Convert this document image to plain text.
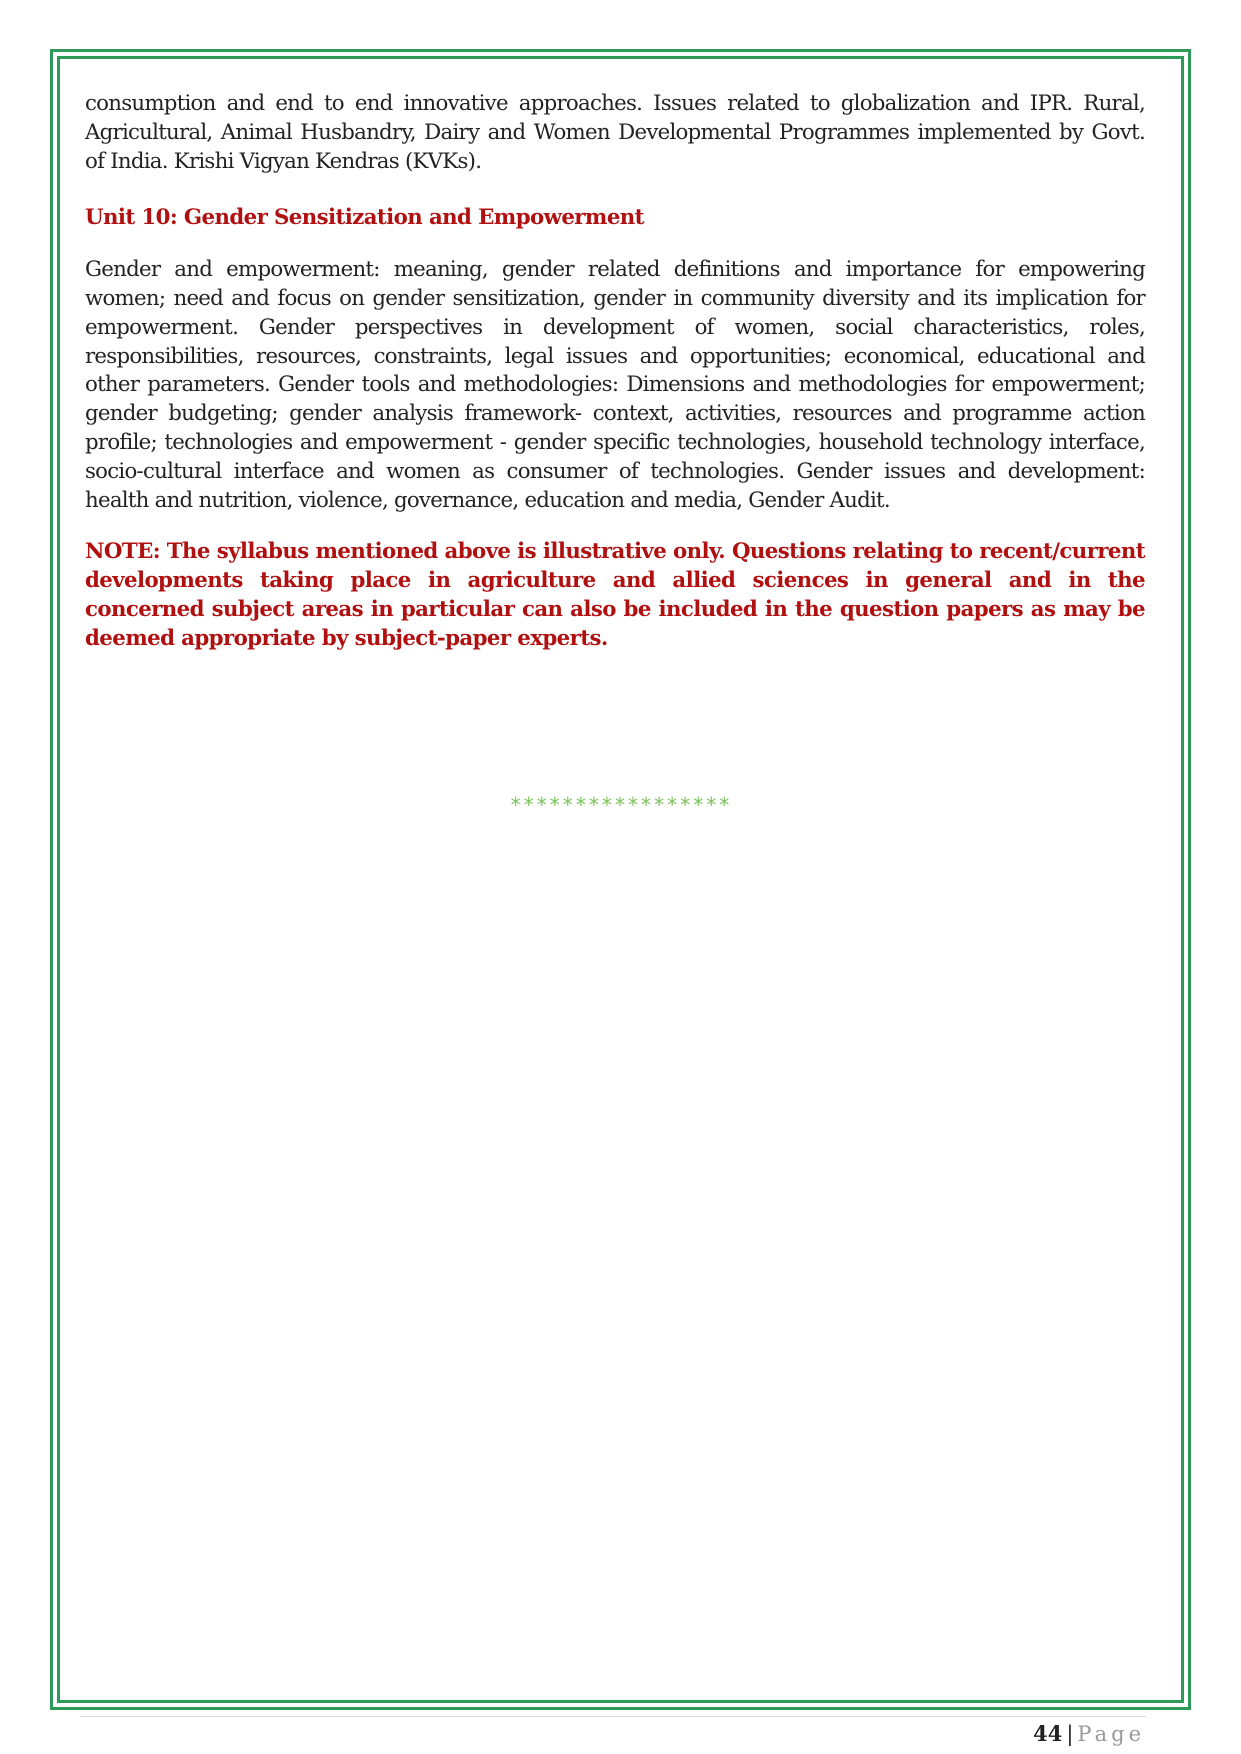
consumption and end to end innovative approaches. Issues related to globalization and IPR. Rural, Agricultural, Animal Husbandry, Dairy and Women Developmental Programmes implemented by Govt. of India. Krishi Vigyan Kendras (KVKs).

Unit 10: Gender Sensitization and Empowerment

Gender and empowerment: meaning, gender related definitions and importance for empowering women; need and focus on gender sensitization, gender in community diversity and its implication for empowerment. Gender perspectives in development of women, social characteristics, roles, responsibilities, resources, constraints, legal issues and opportunities; economical, educational and other parameters. Gender tools and methodologies: Dimensions and methodologies for empowerment; gender budgeting; gender analysis framework- context, activities, resources and programme action profile; technologies and empowerment - gender specific technologies, household technology interface, socio-cultural interface and women as consumer of technologies. Gender issues and development: health and nutrition, violence, governance, education and media, Gender Audit.

NOTE: The syllabus mentioned above is illustrative only. Questions relating to recent/current developments taking place in agriculture and allied sciences in general and in the concerned subject areas in particular can also be included in the question papers as may be deemed appropriate by subject-paper experts.

*****************
44 | Page
